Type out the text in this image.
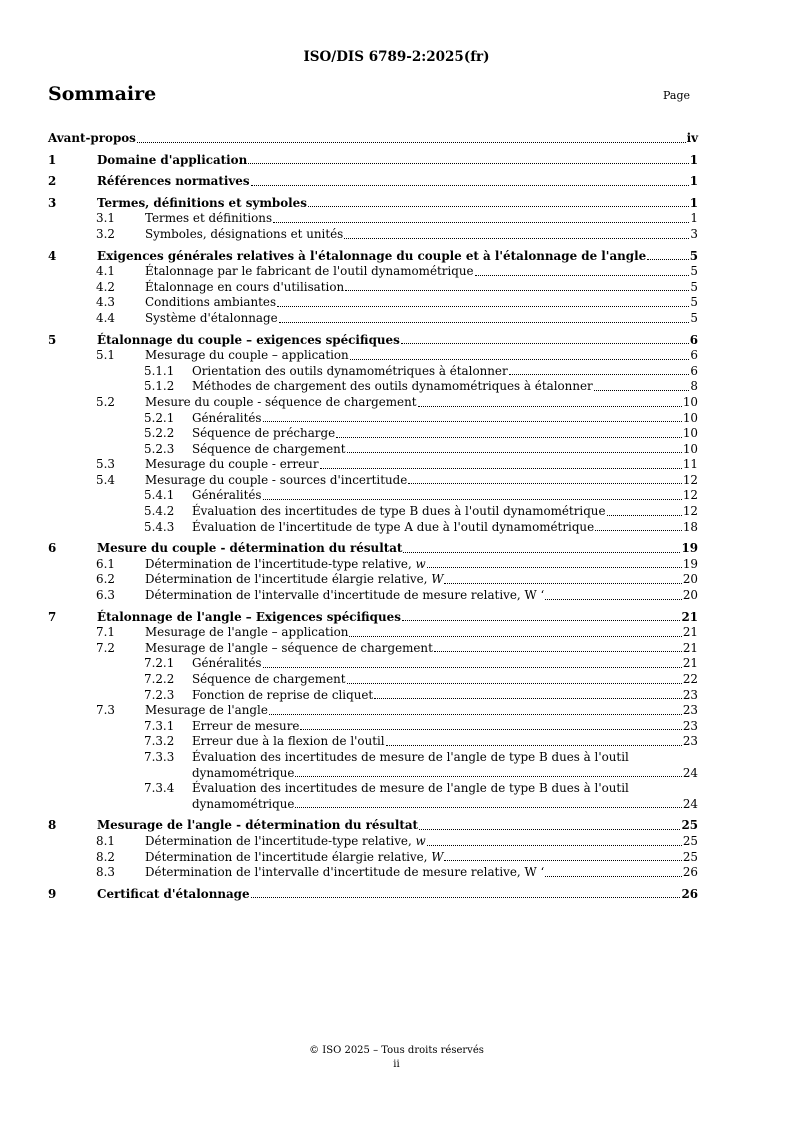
ISO/DIS 6789-2:2025(fr)
Sommaire	Page
Avant-propos	iv
1	Domaine d'application	1
2	Références normatives	1
3	Termes, définitions et symboles	1
3.1	Termes et définitions	1
3.2	Symboles, désignations et unités	3
4	Exigences générales relatives à l'étalonnage du couple et à l'étalonnage de l'angle	5
4.1	Étalonnage par le fabricant de l'outil dynamométrique	5
4.2	Étalonnage en cours d'utilisation	5
4.3	Conditions ambiantes	5
4.4	Système d'étalonnage	5
5	Étalonnage du couple – exigences spécifiques	6
5.1	Mesurage du couple – application	6
5.1.1 Orientation des outils dynamométriques à étalonner	6
5.1.2 Méthodes de chargement des outils dynamométriques à étalonner	8
5.2	Mesure du couple - séquence de chargement	10
5.2.1 Généralités	10
5.2.2 Séquence de précharge	10
5.2.3 Séquence de chargement	10
5.3	Mesurage du couple - erreur	11
5.4	Mesurage du couple - sources d'incertitude	12
5.4.1 Généralités	12
5.4.2 Évaluation des incertitudes de type B dues à l'outil dynamométrique	12
5.4.3 Évaluation de l'incertitude de type A due à l'outil dynamométrique	18
6	Mesure du couple - détermination du résultat	19
6.1	Détermination de l'incertitude-type relative, w	19
6.2	Détermination de l'incertitude élargie relative, W	20
6.3	Détermination de l'intervalle d'incertitude de mesure relative, W ‘	20
7	Étalonnage de l'angle – Exigences spécifiques	21
7.1	Mesurage de l'angle – application	21
7.2	Mesurage de l'angle – séquence de chargement	21
7.2.1 Généralités	21
7.2.2 Séquence de chargement	22
7.2.3 Fonction de reprise de cliquet	23
7.3	Mesurage de l'angle	23
7.3.1 Erreur de mesure	23
7.3.2 Erreur due à la flexion de l'outil	23
7.3.3 Évaluation des incertitudes de mesure de l'angle de type B dues à l'outil
dynamométrique	24
7.3.4 Évaluation des incertitudes de mesure de l'angle de type B dues à l'outil
dynamométrique	24
8	Mesurage de l'angle - détermination du résultat	25
8.1	Détermination de l'incertitude-type relative, w	25
8.2	Détermination de l'incertitude élargie relative, W	25
8.3	Détermination de l'intervalle d'incertitude de mesure relative, W ‘	26
9	Certificat d'étalonnage	26
© ISO 2025 – Tous droits réservés
ii
